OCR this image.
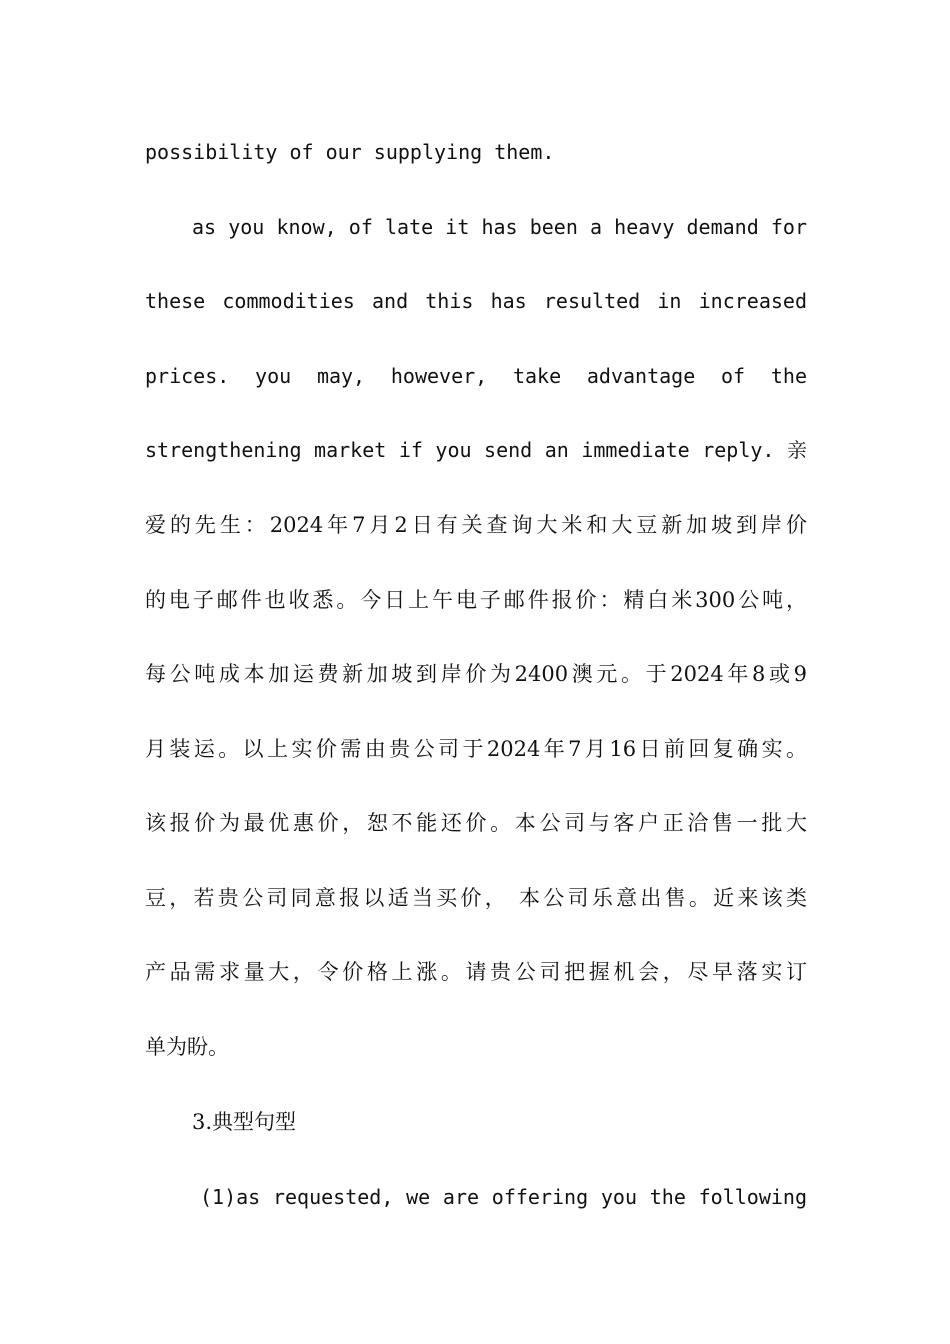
possibility of our supplying them.
as you know, of late it has been a heavy demand for
these commodities and this has resulted in increased
prices. you may, however, take advantage of the
strengthening market if you send an immediate reply. 亲
爱的先生：2024年7月2日有关查询大米和大豆新加坡到岸价
的电子邮件也收悉。今日上午电子邮件报价：精白米300公吨，
每公吨成本加运费新加坡到岸价为2400澳元。于2024年8或9
月装运。以上实价需由贵公司于2024年7月16日前回复确实。
该报价为最优惠价，恕不能还价。本公司与客户正洽售一批大
豆，若贵公司同意报以适当买价， 本公司乐意出售。近来该类
产品需求量大，令价格上涨。请贵公司把握机会，尽早落实订
单为盼。
3.典型句型
(1)as requested, we are offering you the following
